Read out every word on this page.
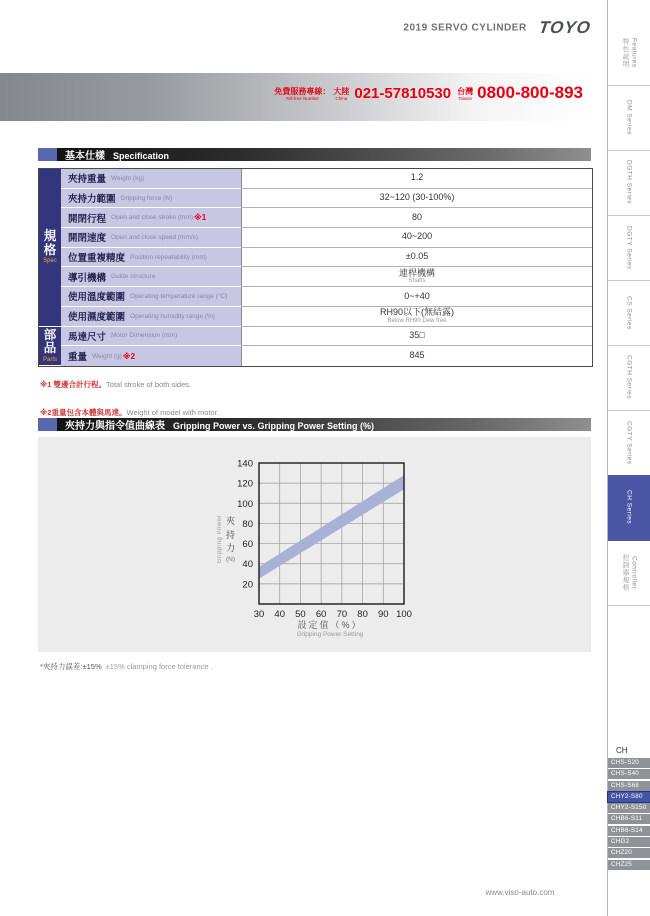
2019 SERVO CYLINDER TOYO
免費服務專線：
Toll-free Number
大陸
China 021-57810530 台灣
Taiwan 0800-800-893
基本仕樣 Specification
規
格
Spec
部
品
Parts
夾持重量 Weight (kg)	1.2
夾持力範圍 Gripping force (N)	32~120 (30-100%)
開閉行程 Open and close stroke (mm) ※1	80
開閉速度 Open and close speed (mm/s)	40~200
位置重複精度 Position repeatability (mm)	±0.05
導引機構 Guide structure	連桿機構
Shafts
使用溫度範圍 Operating temperature range (°C)	0~+40
使用濕度範圍 Operating humidity range (%)	RH90以下(無結露)
Below RH90 Dew free
馬達尺寸 Motor Dimension (mm)	35□
重量 Weight (g) ※2	845
※1 雙邊合計行程。Total stroke of both sides.
※2重量包含本體與馬達。Weight of model with motor.
夾持力與指令值曲線表 Gripping Power vs. Gripping Power Setting (%)
30 40 50 60 70 80 90 100
20
40
60
80
100
120
140
Gripping Power 夾持力
(N)
設定值（%）
Gripping Power Setting
*夾持力誤差:±15% ±15% clamping force tolerance .
CH
CHS-S20
CHS-S40
CHS-S68
CHY2-S80
CHY2-S150
CHB6-S11
CHB6-S14
CHG2
CHZ20
CHZ25
特色說明 Features
DM Series
DGTH Series
DGTY Series
CS Series
CGTH Series
CGTY Series
CH Series
控制器規格 Controller
www.viso-auto.com
